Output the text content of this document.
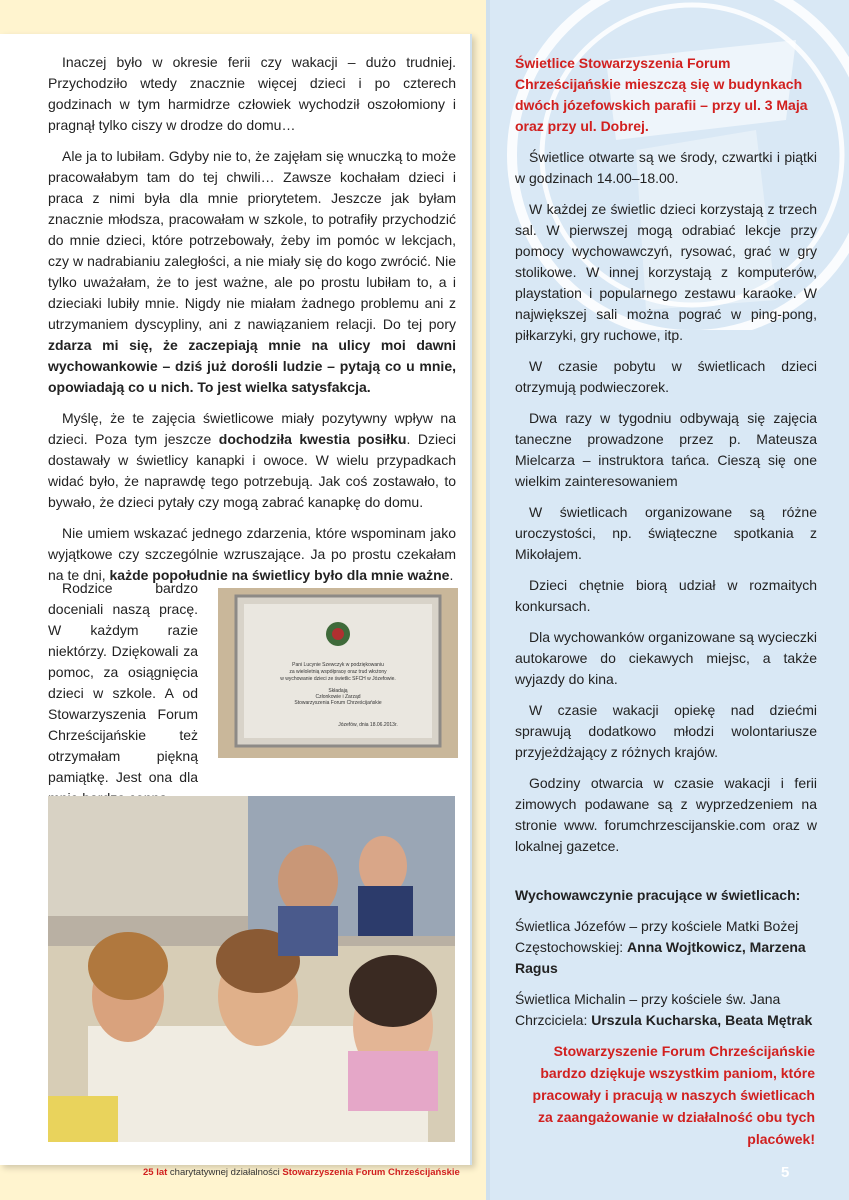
Inaczej było w okresie ferii czy wakacji – dużo trudniej. Przychodziło wtedy znacznie więcej dzieci i po czterech godzinach w tym harmidrze człowiek wychodził oszołomiony i pragnął tylko ciszy w drodze do domu…

Ale ja to lubiłam. Gdyby nie to, że zajęłam się wnuczką to może pracowałabym tam do tej chwili… Zawsze kochałam dzieci i praca z nimi była dla mnie priorytetem. Jeszcze jak byłam znacznie młodsza, pracowałam w szkole, to potrafiły przychodzić do mnie dzieci, które potrzebowały, żeby im pomóc w lekcjach, czy w nadrabianiu zaległości, a nie miały się do kogo zwrócić. Nie tylko uważałam, że to jest ważne, ale po prostu lubiłam to, a i dzieciaki lubiły mnie. Nigdy nie miałam żadnego problemu ani z utrzymaniem dyscypliny, ani z nawiązaniem relacji. Do tej pory zdarza mi się, że zaczepiają mnie na ulicy moi dawni wychowankowie – dziś już dorośli ludzie – pytają co u mnie, opowiadają co u nich. To jest wielka satysfakcja.

Myślę, że te zajęcia świetlicowe miały pozytywny wpływ na dzieci. Poza tym jeszcze dochodziła kwestia posiłku. Dzieci dostawały w świetlicy kanapki i owoce. W wielu przypadkach widać było, że naprawdę tego potrzebują. Jak coś zostawało, to bywało, że dzieci pytały czy mogą zabrać kanapkę do domu.

Nie umiem wskazać jednego zdarzenia, które wspominam jako wyjątkowe czy szczególnie wzruszające. Ja po prostu czekałam na te dni, każde popołudnie na świetlicy było dla mnie ważne.

Rodzice bardzo doceniali naszą pracę. W każdym razie niektórzy. Dziękowali za pomoc, za osiągnięcia dzieci w szkole. A od Stowarzyszenia Forum Chrześcijańskie też otrzymałam piękną pamiątkę. Jest ona dla
Pani Lucynie Szewczyk w podziękowaniu
za wieloletnią współpracę oraz trud włożony
w wychowanie dzieci ze świetlic SFCH w Józefowie.
Składają
Członkowie i Zarząd
Stowarzyszenia Forum Chrześcijańskie
Józefów, dnia 18.06.2013r.

Świetlice Stowarzyszenia Forum Chrześcijańskie mieszczą się w budynkach dwóch józefowskich parafii – przy ul. 3 Maja oraz przy ul. Dobrej.

Świetlice otwarte są we środy, czwartki i piątki w godzinach 14.00–18.00.

W każdej ze świetlic dzieci korzystają z trzech sal. W pierwszej mogą odrabiać lekcje przy pomocy wychowawczyń, rysować, grać w gry stolikowe. W innej korzystają z komputerów, playstation i popularnego zestawu karaoke. W największej sali można pograć w ping-pong, piłkarzyki, gry ruchowe, itp.

W czasie pobytu w świetlicach dzieci otrzymują podwieczorek.

Dwa razy w tygodniu odbywają się zajęcia taneczne prowadzone przez p. Mateusza Mielcarza – instruktora tańca. Cieszą się one wielkim zainteresowaniem

W świetlicach organizowane są różne uroczystości, np. świąteczne spotkania z Mikołajem.

Dzieci chętnie biorą udział w rozmaitych konkursach.

Dla wychowanków organizowane są wycieczki autokarowe do ciekawych miejsc, a także wyjazdy do kina.

W czasie wakacji opiekę nad dziećmi sprawują dodatkowo młodzi wolontariusze przyjeżdżający z różnych krajów.

Godziny otwarcia w czasie wakacji i ferii zimowych podawane są z wyprzedzeniem na stronie www. forumchrzescijanskie.com oraz w lokalnej gazetce.

Wychowawczynie pracujące w świetlicach:

Świetlica Józefów – przy kościele Matki Bożej Częstochowskiej: Anna Wojtkowicz, Marzena Ragus

Świetlica Michalin – przy kościele św. Jana Chrzciciela: Urszula Kucharska, Beata Mętrak

Stowarzyszenie Forum Chrześcijańskie bardzo dziękuje wszystkim paniom, które pracowały i pracują w naszych świetlicach za zaangażowanie w działalność obu tych placówek!
25 lat charytatywnej działalności Stowarzyszenia Forum Chrześcijańskie	5
